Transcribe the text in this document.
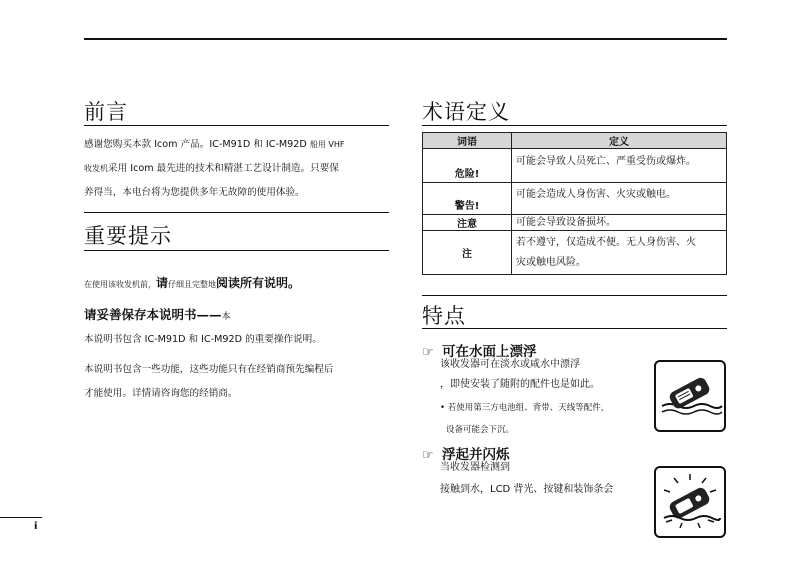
前言
感谢您购买本款 Icom 产品。IC-M91D 和 IC-M92D 船用 VHF
收发机采用 Icom 最先进的技术和精湛工艺设计制造。只要保
养得当，本电台将为您提供多年无故障的使用体验。
重要提示
在使用该收发机前，请仔细且完整地阅读所有说明。
请妥善保存本说明书——本
本说明书包含 IC-M91D 和 IC-M92D 的重要操作说明。
本说明书包含一些功能，这些功能只有在经销商预先编程后
才能使用。详情请咨询您的经销商。
术语定义
词语	定义
危险!	可能会导致人员死亡、严重受伤或爆炸。
警告!	可能会造成人身伤害、火灾或触电。
注意	可能会导致设备损坏。
注	若不遵守，仅造成不便。无人身伤害、火
灾或触电风险。
特点
☞ 可在水面上漂浮
该收发器可在淡水或咸水中漂浮
，即使安装了随附的配件也是如此。
• 若使用第三方电池组、背带、天线等配件，
设备可能会下沉。
☞ 浮起并闪烁
当收发器检测到
接触到水，LCD 背光、按键和装饰条会
i
